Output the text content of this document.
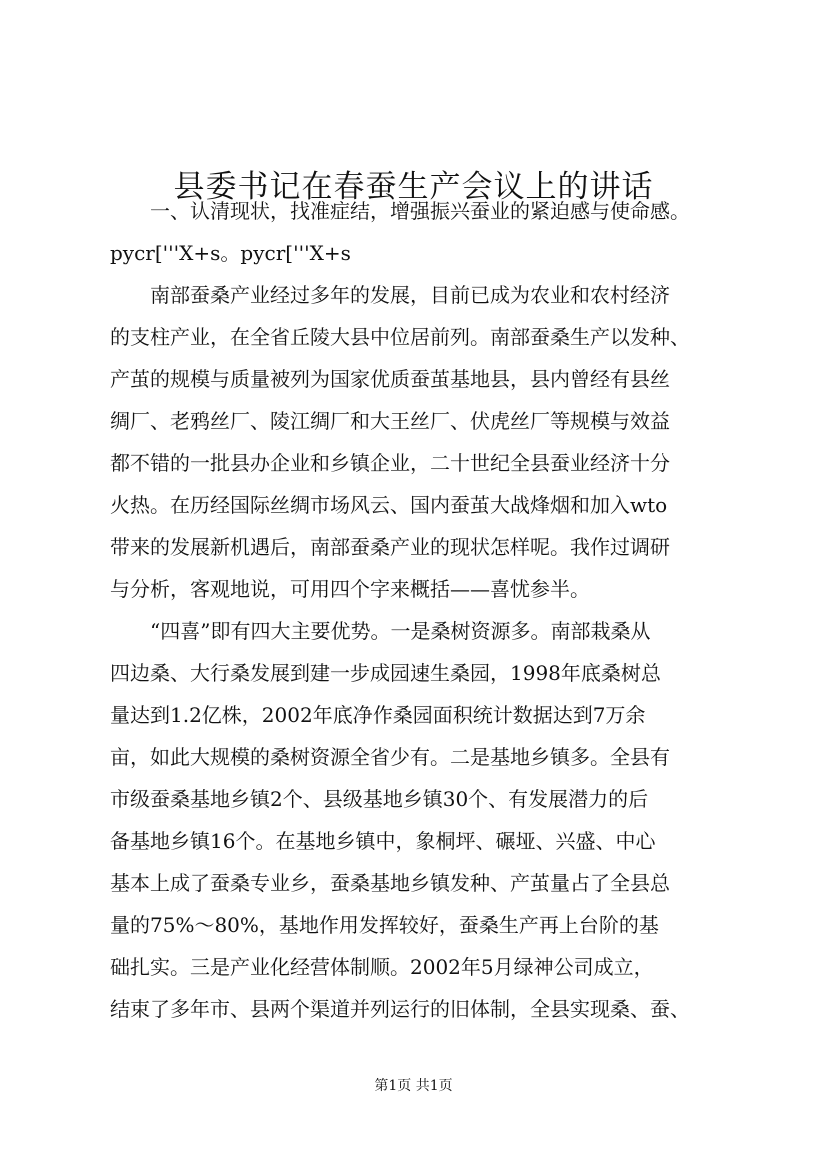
县委书记在春蚕生产会议上的讲话
　　一、认清现状，找准症结，增强振兴蚕业的紧迫感与使命感。
pycr['''X+s。pycr['''X+s
　　南部蚕桑产业经过多年的发展，目前已成为农业和农村经济
的支柱产业，在全省丘陵大县中位居前列。南部蚕桑生产以发种、
产茧的规模与质量被列为国家优质蚕茧基地县，县内曾经有县丝
绸厂、老鸦丝厂、陵江绸厂和大王丝厂、伏虎丝厂等规模与效益
都不错的一批县办企业和乡镇企业，二十世纪全县蚕业经济十分
火热。在历经国际丝绸市场风云、国内蚕茧大战烽烟和加入wto
带来的发展新机遇后，南部蚕桑产业的现状怎样呢。我作过调研
与分析，客观地说，可用四个字来概括——喜忧参半。
　　“四喜”即有四大主要优势。一是桑树资源多。南部栽桑从
四边桑、大行桑发展到建一步成园速生桑园，1998年底桑树总
量达到1.2亿株，2002年底净作桑园面积统计数据达到7万余
亩，如此大规模的桑树资源全省少有。二是基地乡镇多。全县有
市级蚕桑基地乡镇2个、县级基地乡镇30个、有发展潜力的后
备基地乡镇16个。在基地乡镇中，象桐坪、碾垭、兴盛、中心
基本上成了蚕桑专业乡，蚕桑基地乡镇发种、产茧量占了全县总
量的75%～80%，基地作用发挥较好，蚕桑生产再上台阶的基
础扎实。三是产业化经营体制顺。2002年5月绿神公司成立，
结束了多年市、县两个渠道并列运行的旧体制，全县实现桑、蚕、
第1页 共1页
